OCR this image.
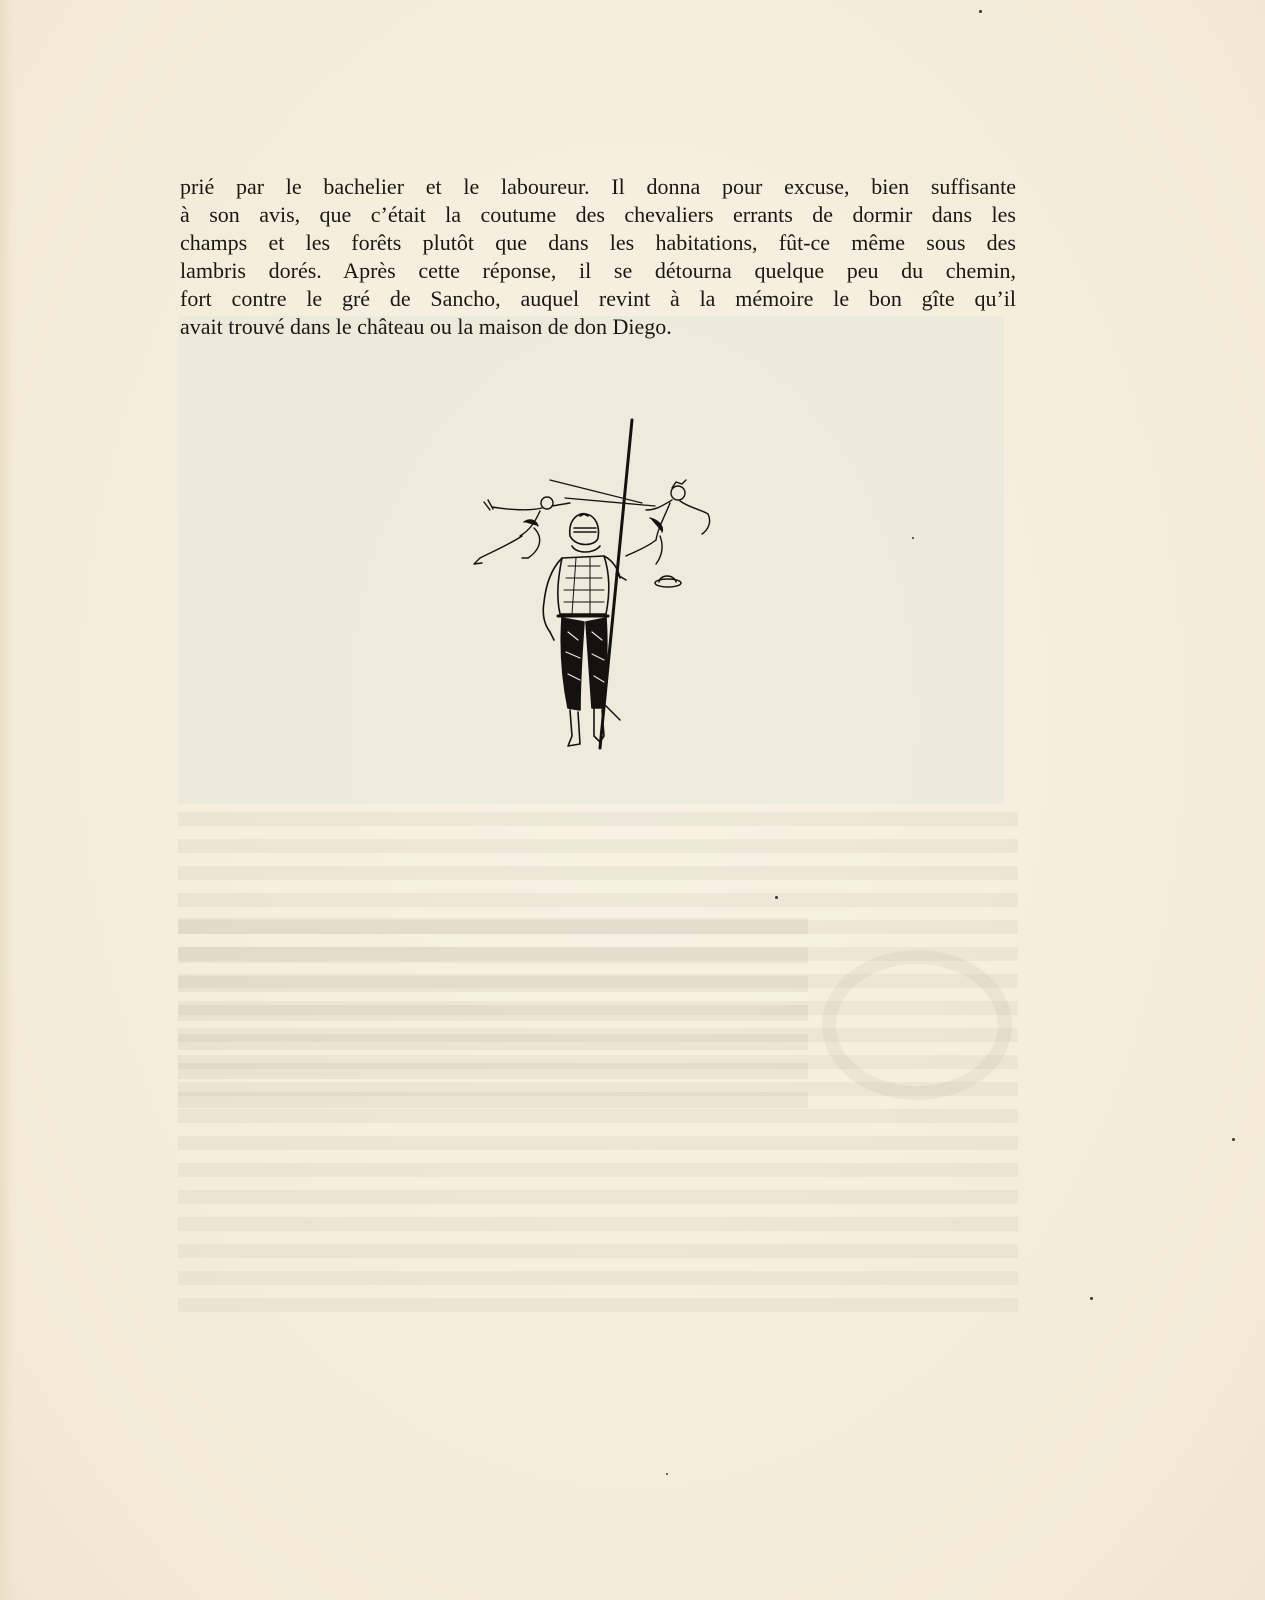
prié par le bachelier et le laboureur. Il donna pour excuse, bien suffisante
à son avis, que c’était la coutume des chevaliers errants de dormir dans les
champs et les forêts plutôt que dans les habitations, fût-ce même sous des
lambris dorés. Après cette réponse, il se détourna quelque peu du chemin,
fort contre le gré de Sancho, auquel revint à la mémoire le bon gîte qu’il
avait trouvé dans le château ou la maison de don Diego.
